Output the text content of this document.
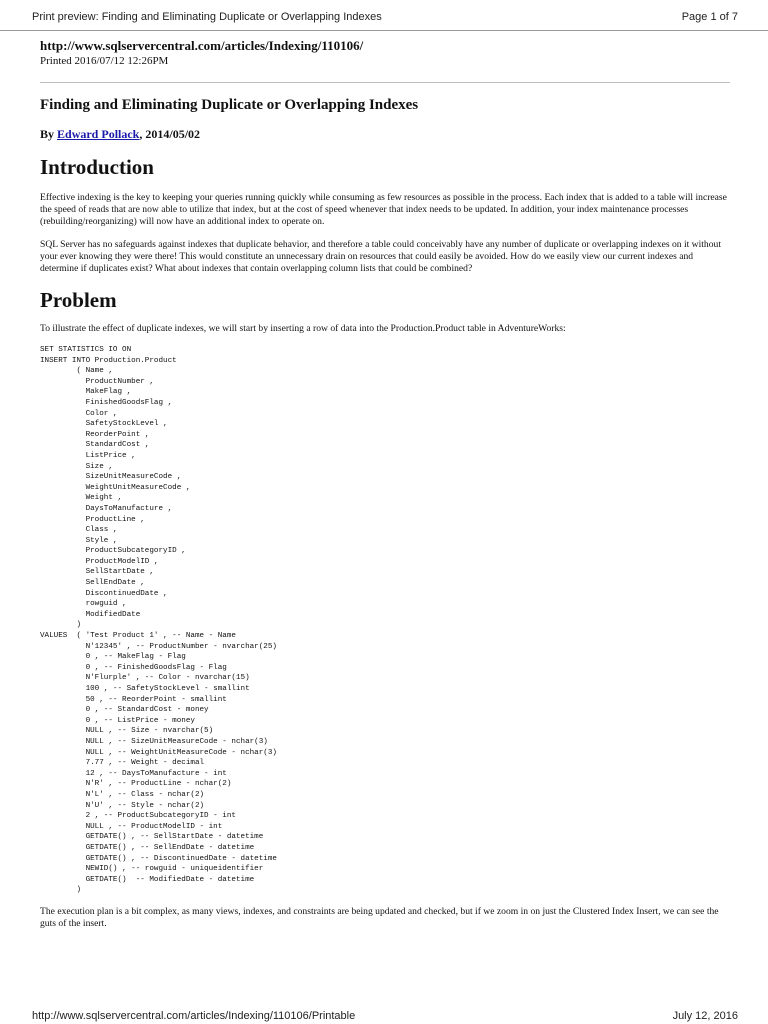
Print preview: Finding and Eliminating Duplicate or Overlapping Indexes	Page 1 of 7
http://www.sqlservercentral.com/articles/Indexing/110106/
Printed 2016/07/12 12:26PM
Finding and Eliminating Duplicate or Overlapping Indexes
By Edward Pollack, 2014/05/02
Introduction

Effective indexing is the key to keeping your queries running quickly while consuming as few resources as possible in the process. Each index that is added to a table will increase the speed of reads that are now able to utilize that index, but at the cost of speed whenever that index needs to be updated. In addition, your index maintenance processes (rebuilding/reorganizing) will now have an additional index to operate on.

SQL Server has no safeguards against indexes that duplicate behavior, and therefore a table could conceivably have any number of duplicate or overlapping indexes on it without your ever knowing they were there! This would constitute an unnecessary drain on resources that could easily be avoided. How do we easily view our current indexes and determine if duplicates exist? What about indexes that contain overlapping column lists that could be combined?

Problem

To illustrate the effect of duplicate indexes, we will start by inserting a row of data into the Production.Product table in AdventureWorks:

SET STATISTICS IO ON
INSERT INTO Production.Product
( Name ,
ProductNumber ,
MakeFlag ,
FinishedGoodsFlag ,
Color ,
SafetyStockLevel ,
ReorderPoint ,
StandardCost ,
ListPrice ,
Size ,
SizeUnitMeasureCode ,
WeightUnitMeasureCode ,
Weight ,
DaysToManufacture ,
ProductLine ,
Class ,
Style ,
ProductSubcategoryID ,
ProductModelID ,
SellStartDate ,
SellEndDate ,
DiscontinuedDate ,
rowguid ,
ModifiedDate
)
VALUES  ( 'Test Product 1' , -- Name - Name
N'12345' , -- ProductNumber - nvarchar(25)
0 , -- MakeFlag - Flag
0 , -- FinishedGoodsFlag - Flag
N'Flurple' , -- Color - nvarchar(15)
100 , -- SafetyStockLevel - smallint
50 , -- ReorderPoint - smallint
0 , -- StandardCost - money
0 , -- ListPrice - money
NULL , -- Size - nvarchar(5)
NULL , -- SizeUnitMeasureCode - nchar(3)
NULL , -- WeightUnitMeasureCode - nchar(3)
7.77 , -- Weight - decimal
12 , -- DaysToManufacture - int
N'R' , -- ProductLine - nchar(2)
N'L' , -- Class - nchar(2)
N'U' , -- Style - nchar(2)
2 , -- ProductSubcategoryID - int
NULL , -- ProductModelID - int
GETDATE() , -- SellStartDate - datetime
GETDATE() , -- SellEndDate - datetime
GETDATE() , -- DiscontinuedDate - datetime
NEWID() , -- rowguid - uniqueidentifier
GETDATE()  -- ModifiedDate - datetime
)

The execution plan is a bit complex, as many views, indexes, and constraints are being updated and checked, but if we zoom in on just the Clustered Index Insert, we can see the guts of the insert.

http://www.sqlservercentral.com/articles/Indexing/110106/Printable	July 12, 2016
